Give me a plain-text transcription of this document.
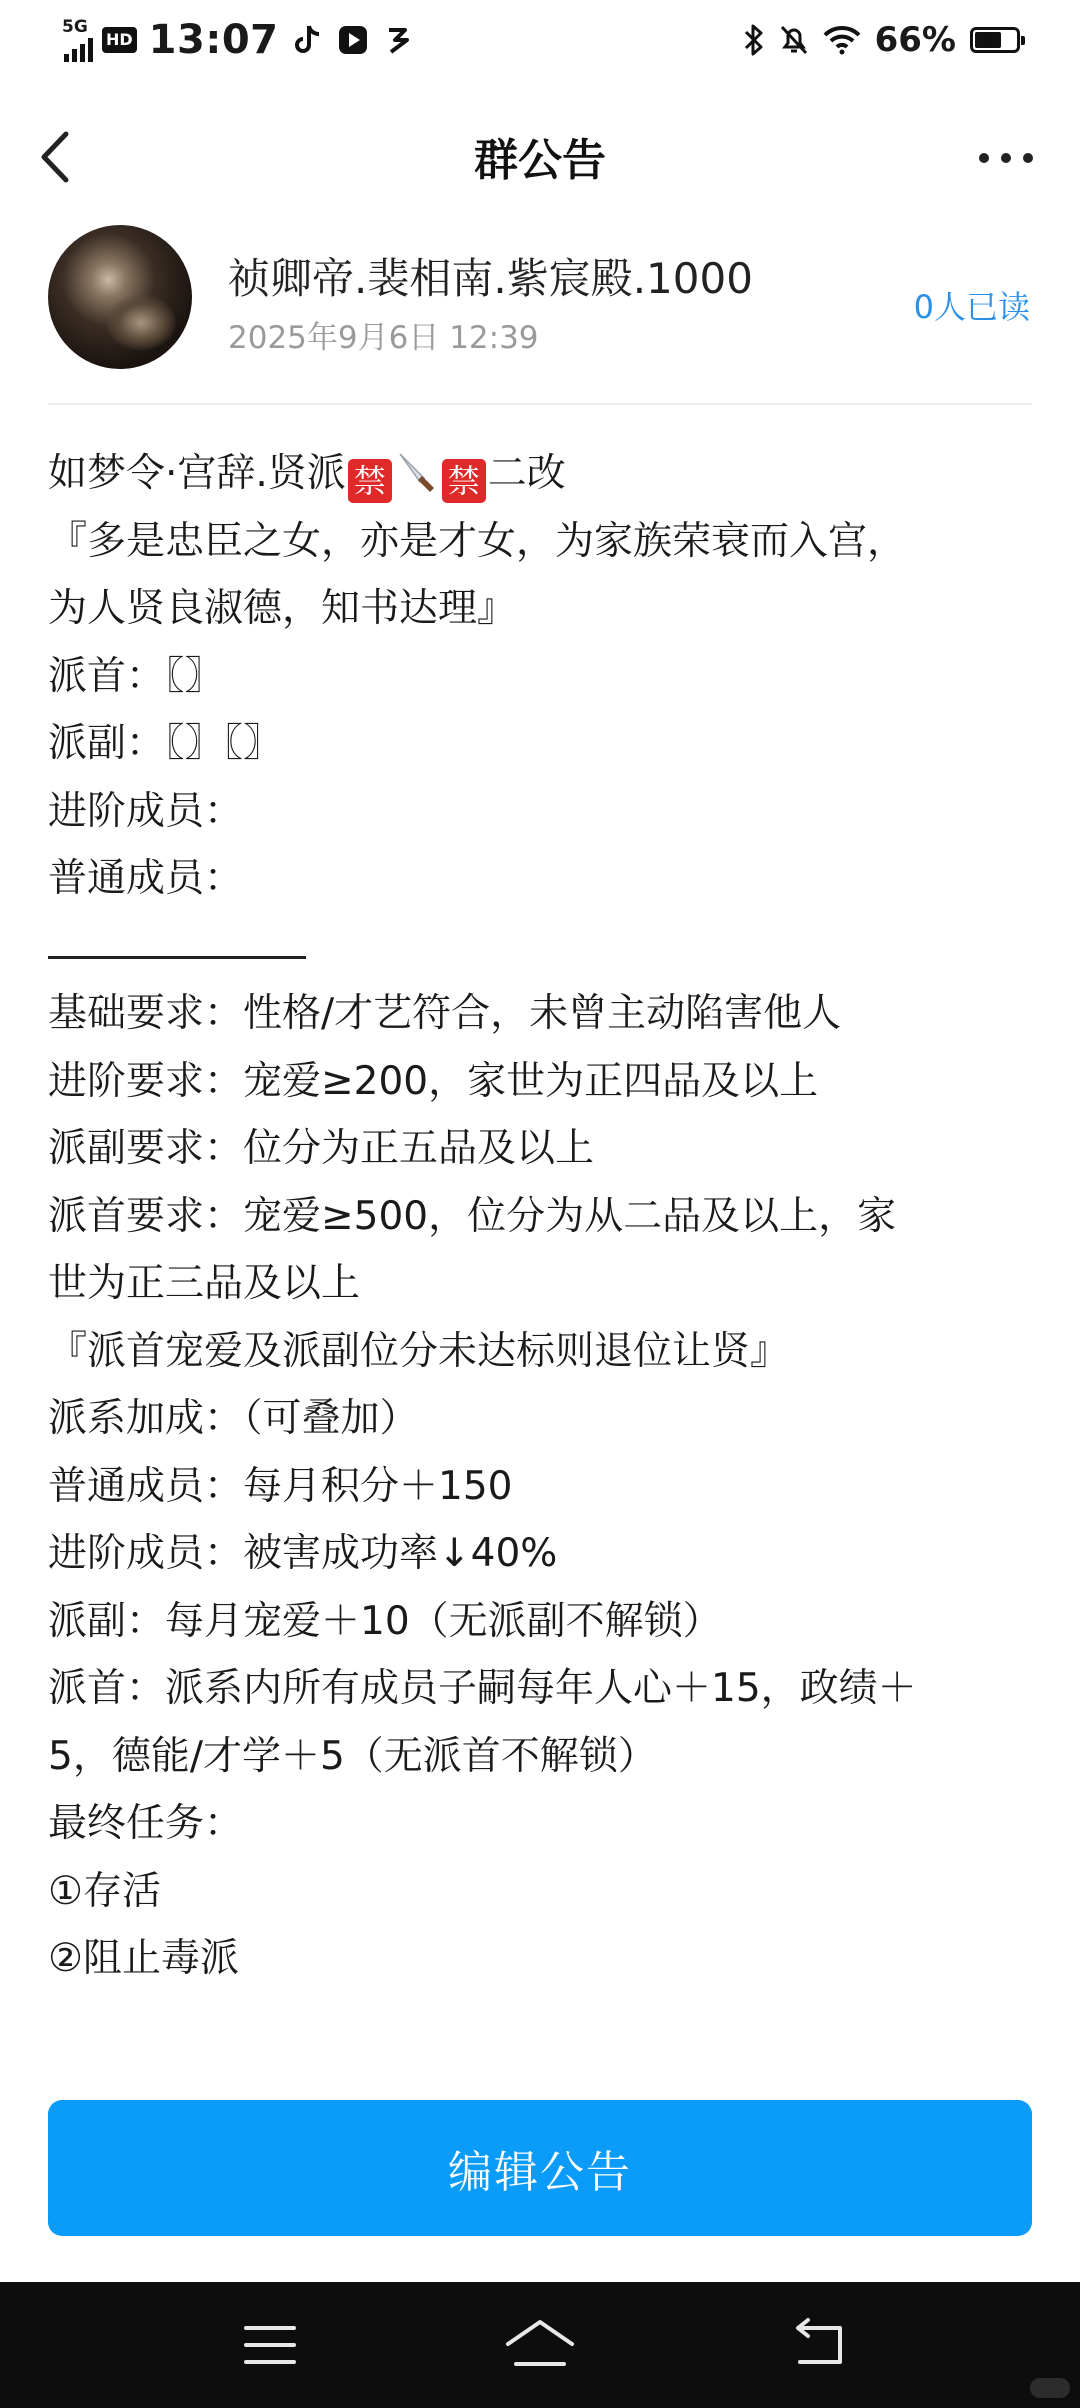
5G
HD 13:07	66%
群公告
祯卿帝.裴相南.紫宸殿.1000
2025年9月6日 12:39
0人已读
如梦令·宫辞.贤派 禁 禁 二改
『多是忠臣之女，亦是才女，为家族荣衰而入宫，
为人贤良淑德，知书达理』
派首：〖〗
派副：〖〗〖〗
进阶成员：
普通成员：
基础要求：性格/才艺符合，未曾主动陷害他人
进阶要求：宠爱≥200，家世为正四品及以上
派副要求：位分为正五品及以上
派首要求：宠爱≥500，位分为从二品及以上，家
世为正三品及以上
『派首宠爱及派副位分未达标则退位让贤』
派系加成：（可叠加）
普通成员：每月积分＋150
进阶成员：被害成功率↓40%
派副：每月宠爱＋10（无派副不解锁）
派首：派系内所有成员子嗣每年人心＋15，政绩＋
5，德能/才学＋5（无派首不解锁）
最终任务：
①存活
②阻止毒派
编辑公告
